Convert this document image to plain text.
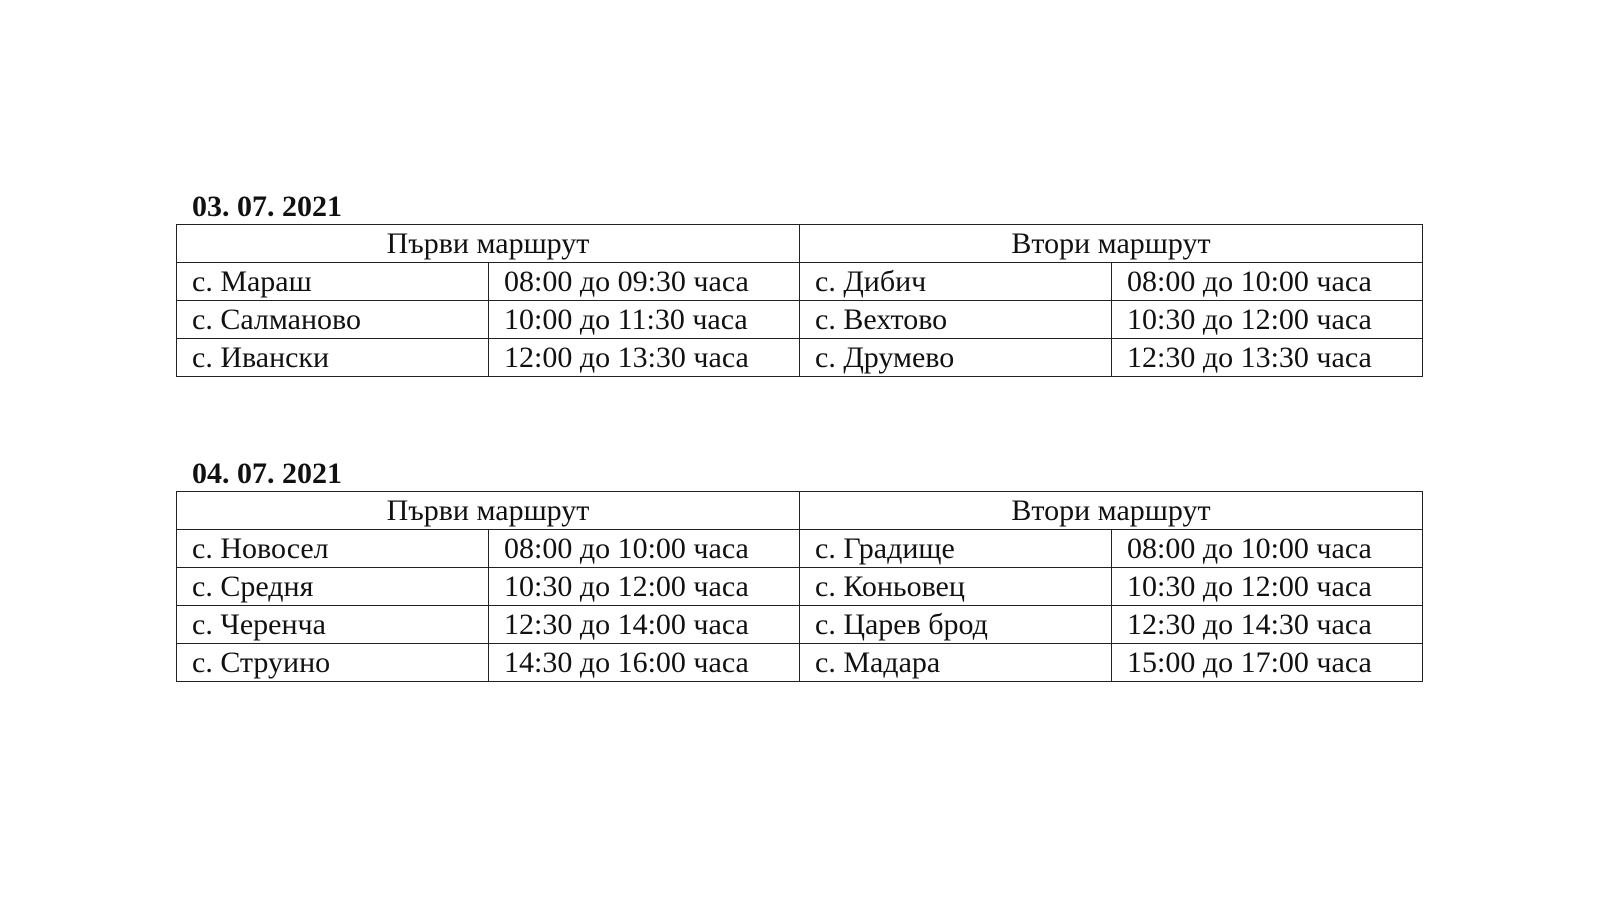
03. 07. 2021
Първи маршрут		Втори маршрут	
с. Мараш	08:00 до 09:30 часа	с. Дибич	08:00 до 10:00 часа
с. Салманово	10:00 до 11:30 часа	с. Вехтово	10:30 до 12:00 часа
с. Ивански	12:00 до 13:30 часа	с. Друмево	12:30 до 13:30 часа
04. 07. 2021
Първи маршрут		Втори маршрут	
с. Новосел	08:00 до 10:00 часа	с. Градище	08:00 до 10:00 часа
с. Средня	10:30 до 12:00 часа	с. Коньовец	10:30 до 12:00 часа
с. Черенча	12:30 до 14:00 часа	с. Царев брод	12:30 до 14:30 часа
с. Струино	14:30 до 16:00 часа	с. Мадара	15:00 до 17:00 часа
